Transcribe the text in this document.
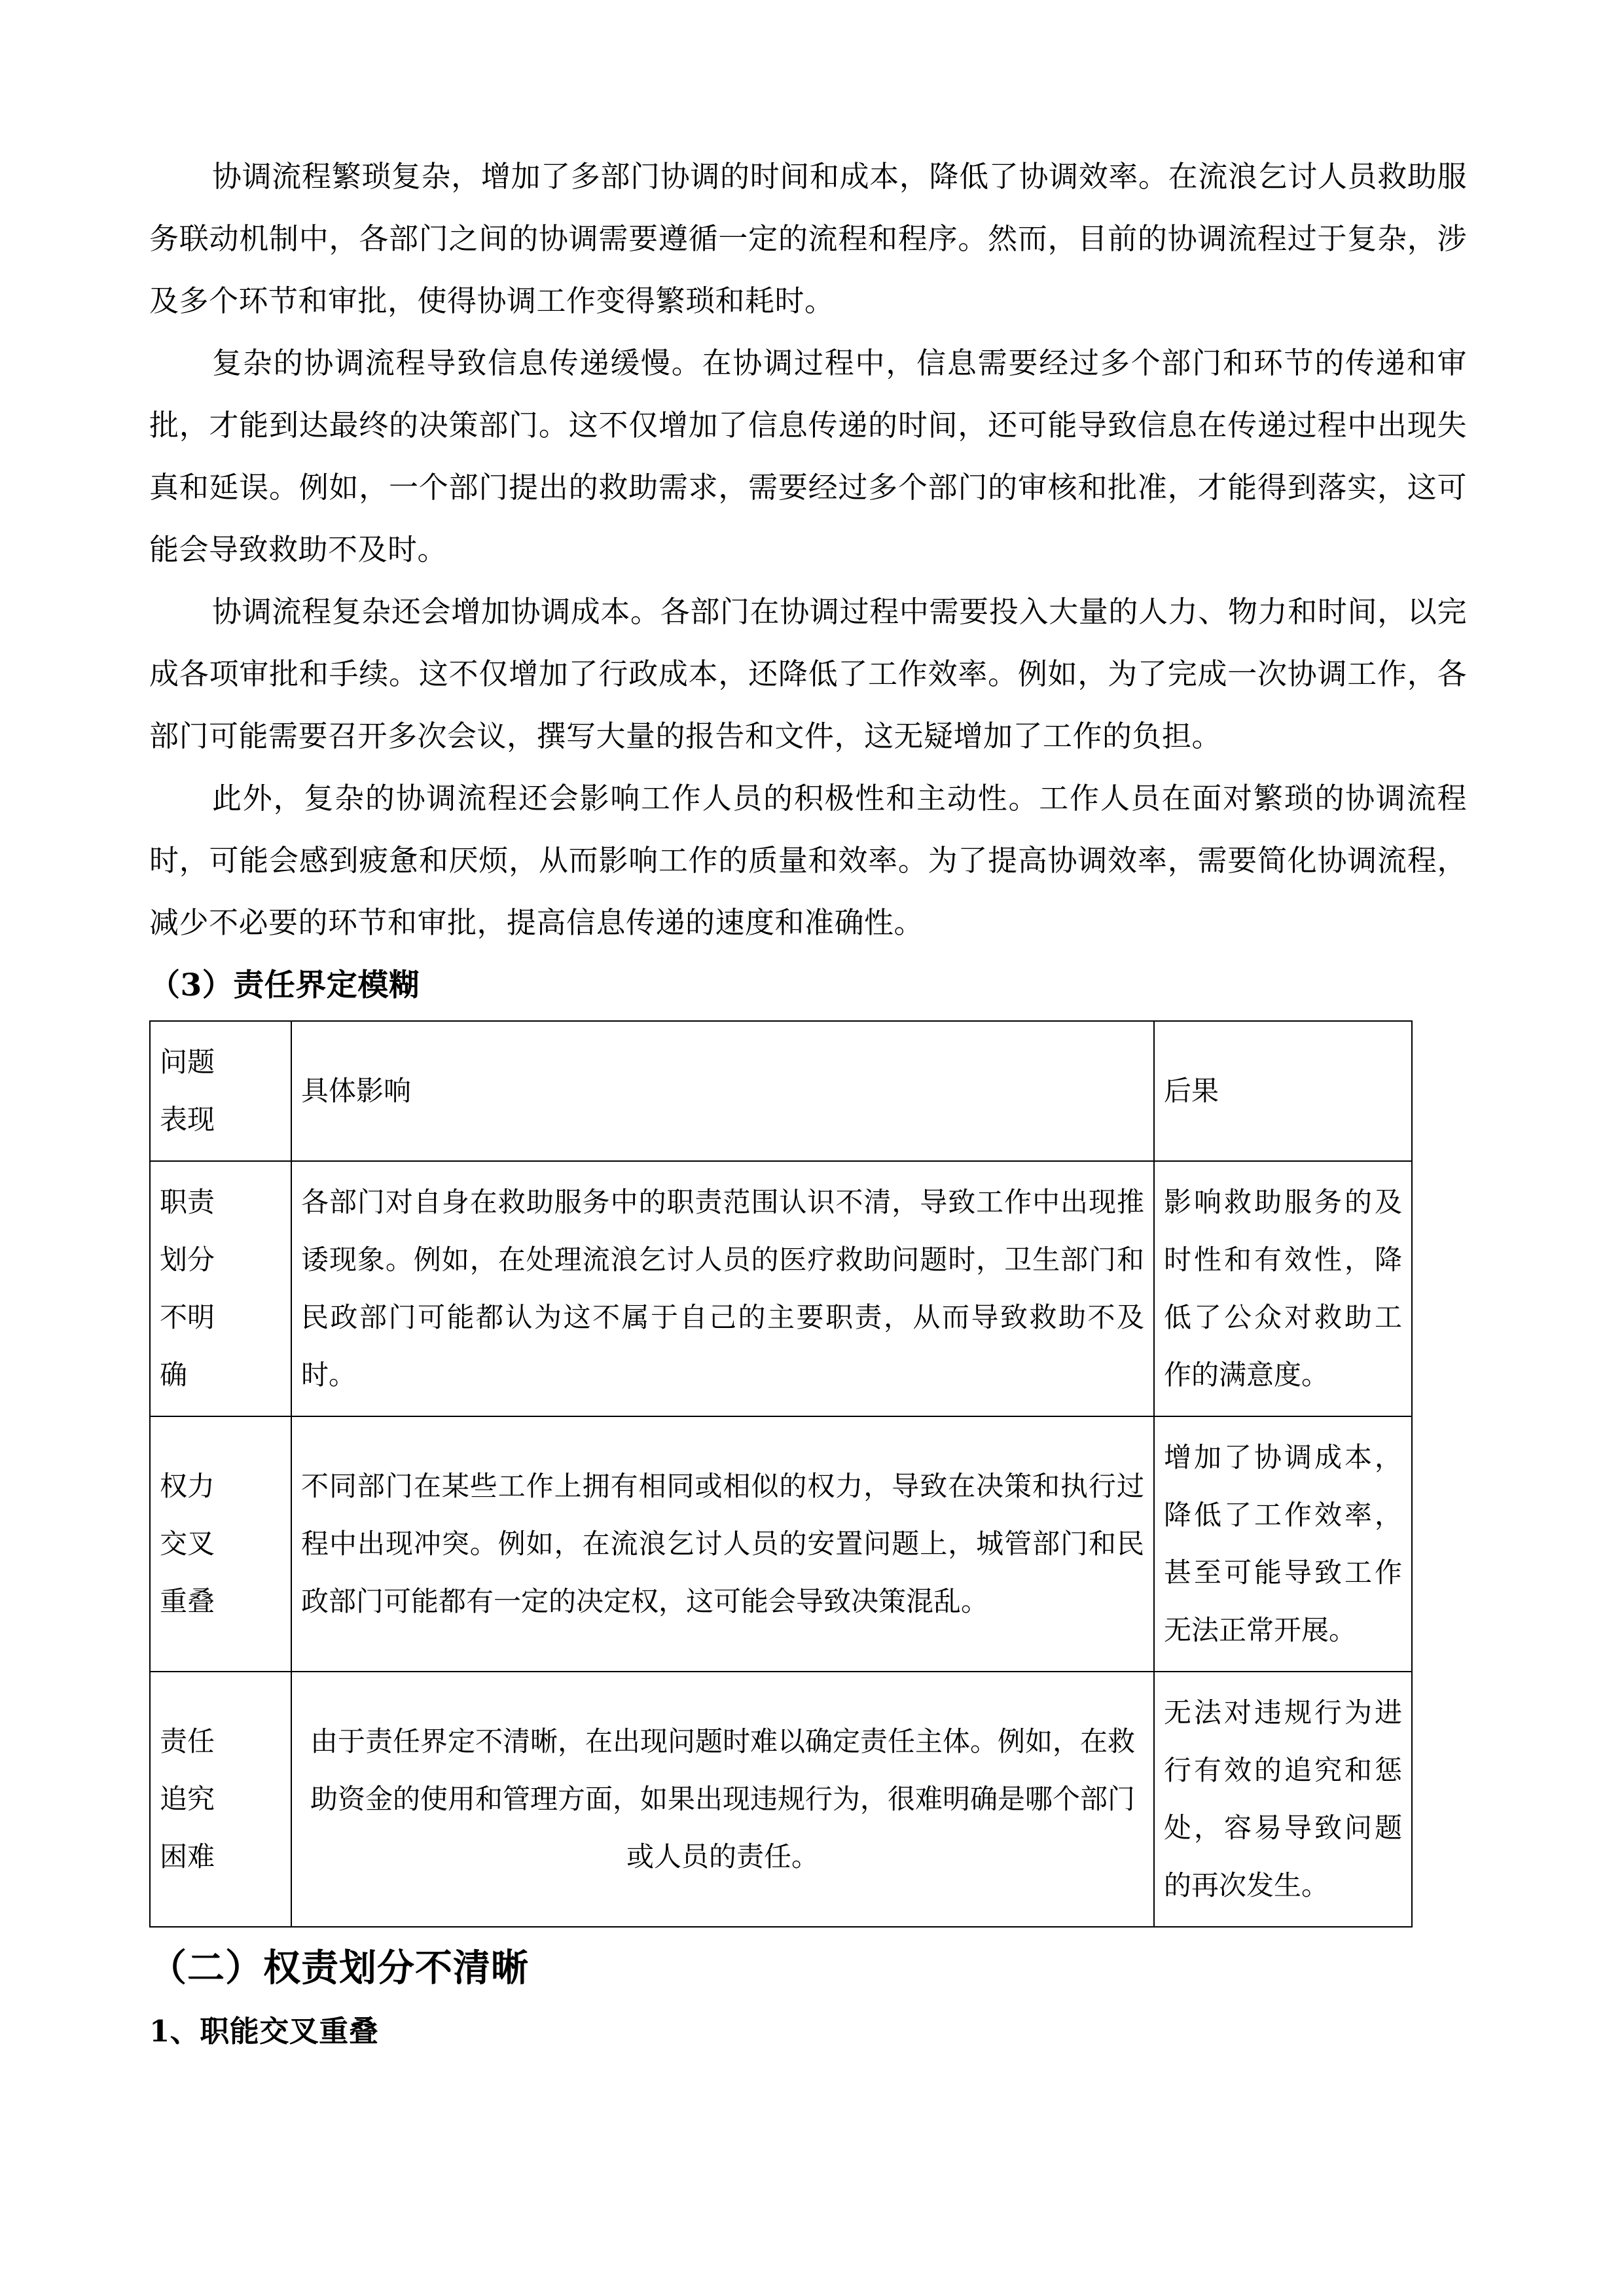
协调流程繁琐复杂，增加了多部门协调的时间和成本，降低了协调效率。在流浪乞讨人员救助服务联动机制中，各部门之间的协调需要遵循一定的流程和程序。然而，目前的协调流程过于复杂，涉及多个环节和审批，使得协调工作变得繁琐和耗时。

复杂的协调流程导致信息传递缓慢。在协调过程中，信息需要经过多个部门和环节的传递和审批，才能到达最终的决策部门。这不仅增加了信息传递的时间，还可能导致信息在传递过程中出现失真和延误。例如，一个部门提出的救助需求，需要经过多个部门的审核和批准，才能得到落实，这可能会导致救助不及时。

协调流程复杂还会增加协调成本。各部门在协调过程中需要投入大量的人力、物力和时间，以完成各项审批和手续。这不仅增加了行政成本，还降低了工作效率。例如，为了完成一次协调工作，各部门可能需要召开多次会议，撰写大量的报告和文件，这无疑增加了工作的负担。

此外，复杂的协调流程还会影响工作人员的积极性和主动性。工作人员在面对繁琐的协调流程时，可能会感到疲惫和厌烦，从而影响工作的质量和效率。为了提高协调效率，需要简化协调流程，减少不必要的环节和审批，提高信息传递的速度和准确性。

（3）责任界定模糊
问题
表现	具体影响	后果

职责
划分
不明
确	各部门对自身在救助服务中的职责范围认识不清，导致工作中出现推诿现象。例如，在处理流浪乞讨人员的医疗救助问题时，卫生部门和民政部门可能都认为这不属于自己的主要职责，从而导致救助不及时。	影响救助服务的及时性和有效性，降低了公众对救助工作的满意度。

权力
交叉
重叠	不同部门在某些工作上拥有相同或相似的权力，导致在决策和执行过程中出现冲突。例如，在流浪乞讨人员的安置问题上，城管部门和民政部门可能都有一定的决定权，这可能会导致决策混乱。	增加了协调成本，降低了工作效率，甚至可能导致工作无法正常开展。

责任
追究
困难	由于责任界定不清晰，在出现问题时难以确定责任主体。例如，在救助资金的使用和管理方面，如果出现违规行为，很难明确是哪个部门或人员的责任。	无法对违规行为进行有效的追究和惩处，容易导致问题的再次发生。
（二）权责划分不清晰
1、职能交叉重叠
